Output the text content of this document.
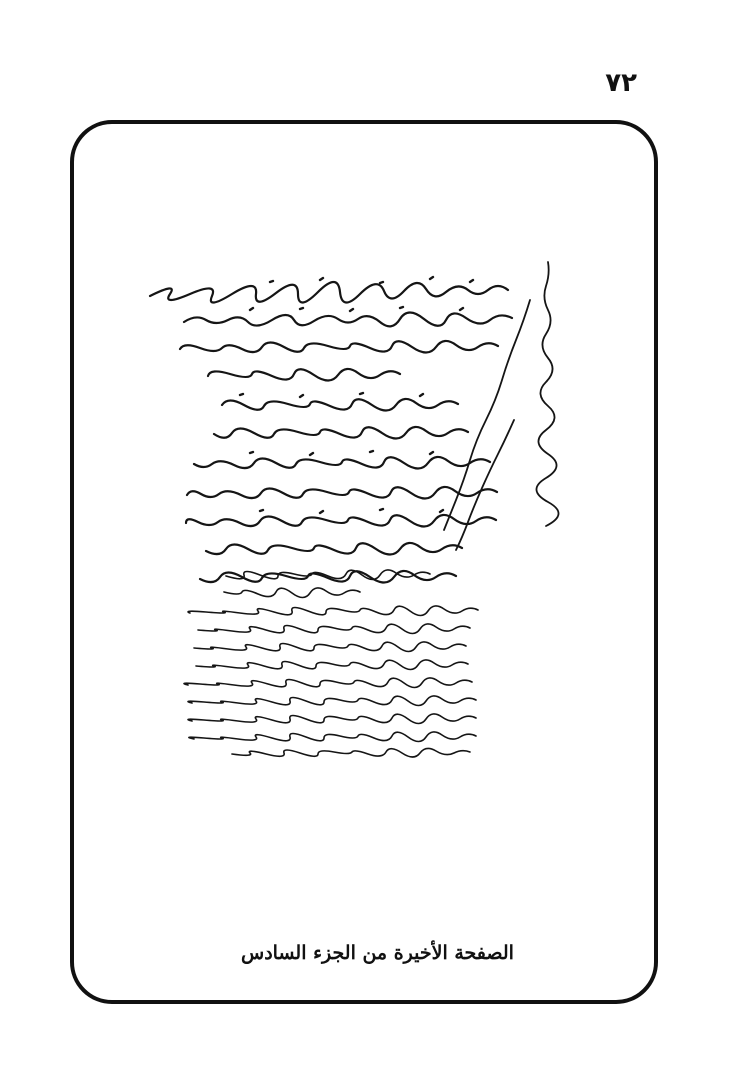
٧٢
الصفحة الأخيرة من الجزء السادس
